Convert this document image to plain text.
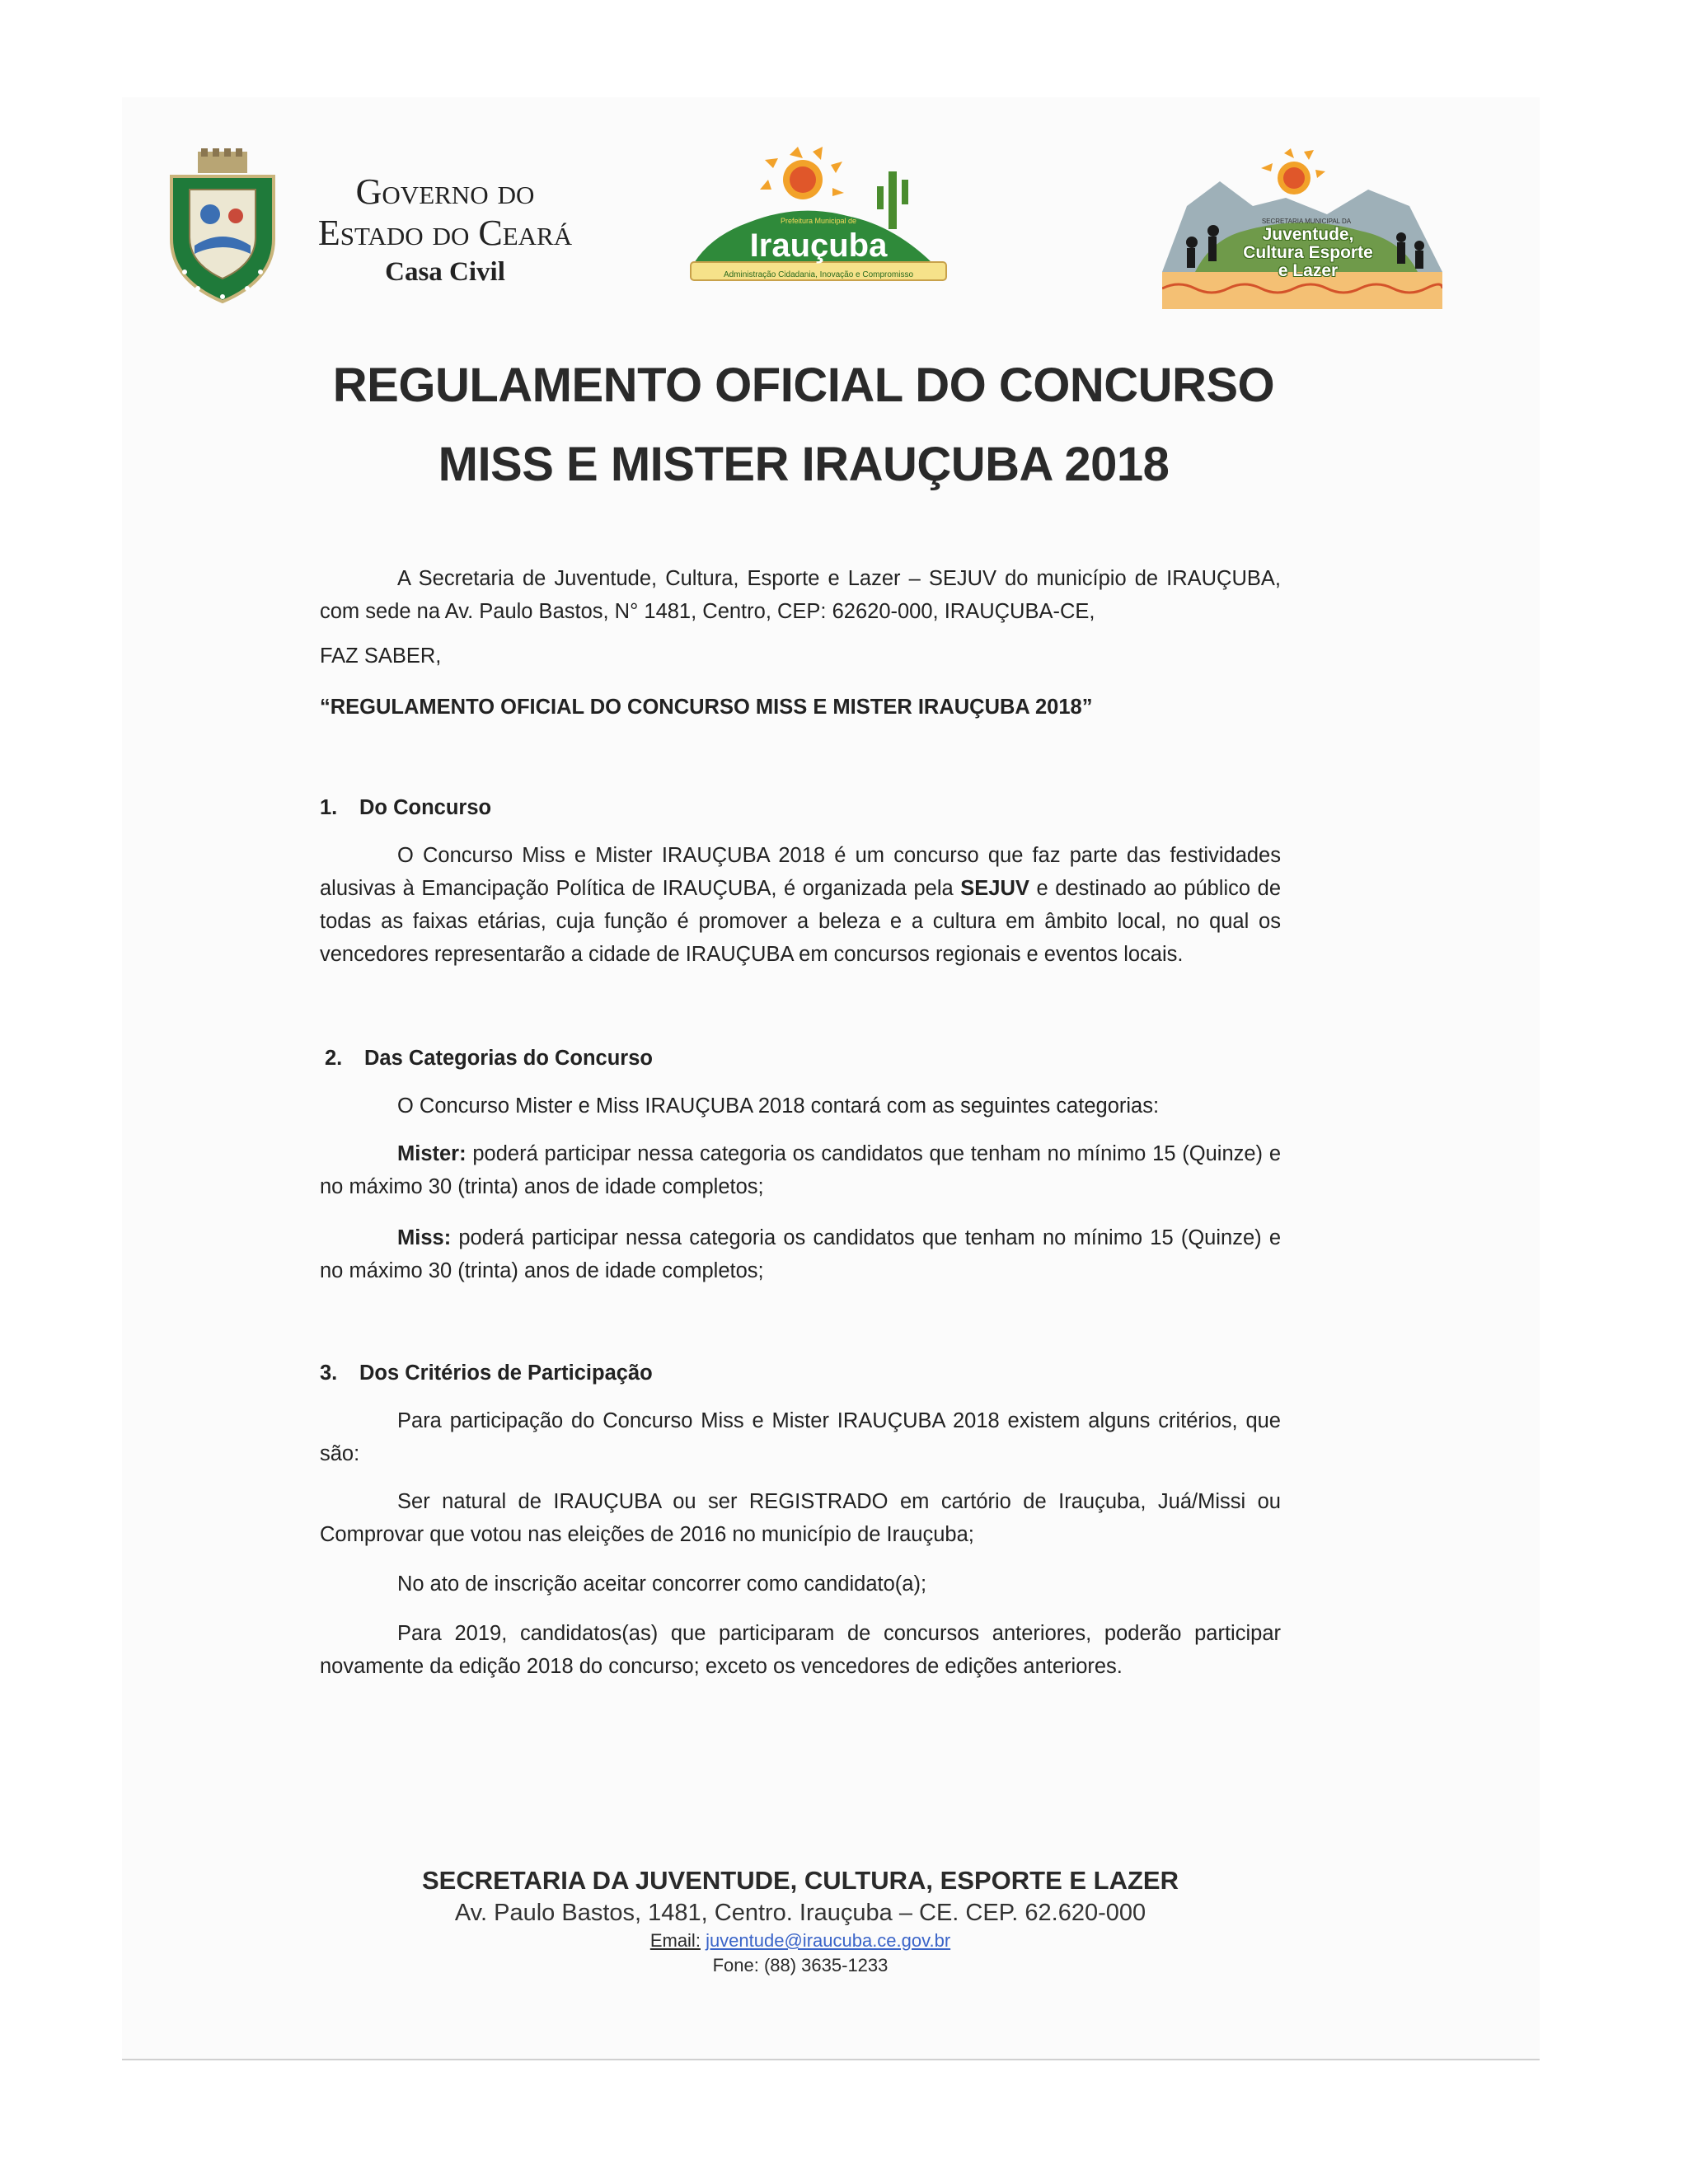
Governo do
Estado do Ceará
Casa Civil
Prefeitura Municipal de
Irauçuba
Administração Cidadania, Inovação e Compromisso
SECRETARIA MUNICIPAL DA
Juventude, Cultura Esporte e Lazer
REGULAMENTO OFICIAL DO CONCURSO
MISS E MISTER IRAUÇUBA 2018

A Secretaria de Juventude, Cultura, Esporte e Lazer – SEJUV do município de IRAUÇUBA, com sede na Av. Paulo Bastos, N° 1481, Centro, CEP: 62620-000, IRAUÇUBA-CE,

FAZ SABER,

“REGULAMENTO OFICIAL DO CONCURSO MISS E MISTER IRAUÇUBA 2018”

1. Do Concurso

O Concurso Miss e Mister IRAUÇUBA 2018 é um concurso que faz parte das festividades alusivas à Emancipação Política de IRAUÇUBA, é organizada pela SEJUV e destinado ao público de todas as faixas etárias, cuja função é promover a beleza e a cultura em âmbito local, no qual os vencedores representarão a cidade de IRAUÇUBA em concursos regionais e eventos locais.

2. Das Categorias do Concurso

O Concurso Mister e Miss IRAUÇUBA 2018 contará com as seguintes categorias:

Mister: poderá participar nessa categoria os candidatos que tenham no mínimo 15 (Quinze) e no máximo 30 (trinta) anos de idade completos;

Miss: poderá participar nessa categoria os candidatos que tenham no mínimo 15 (Quinze) e no máximo 30 (trinta) anos de idade completos;

3. Dos Critérios de Participação

Para participação do Concurso Miss e Mister IRAUÇUBA 2018 existem alguns critérios, que são:

Ser natural de IRAUÇUBA ou ser REGISTRADO em cartório de Irauçuba, Juá/Missi ou Comprovar que votou nas eleições de 2016 no município de Irauçuba;

No ato de inscrição aceitar concorrer como candidato(a);

Para 2019, candidatos(as) que participaram de concursos anteriores, poderão participar novamente da edição 2018 do concurso; exceto os vencedores de edições anteriores.

SECRETARIA DA JUVENTUDE, CULTURA, ESPORTE E LAZER
Av. Paulo Bastos, 1481, Centro. Irauçuba – CE. CEP. 62.620-000
Email: juventude@iraucuba.ce.gov.br
Fone: (88) 3635-1233
